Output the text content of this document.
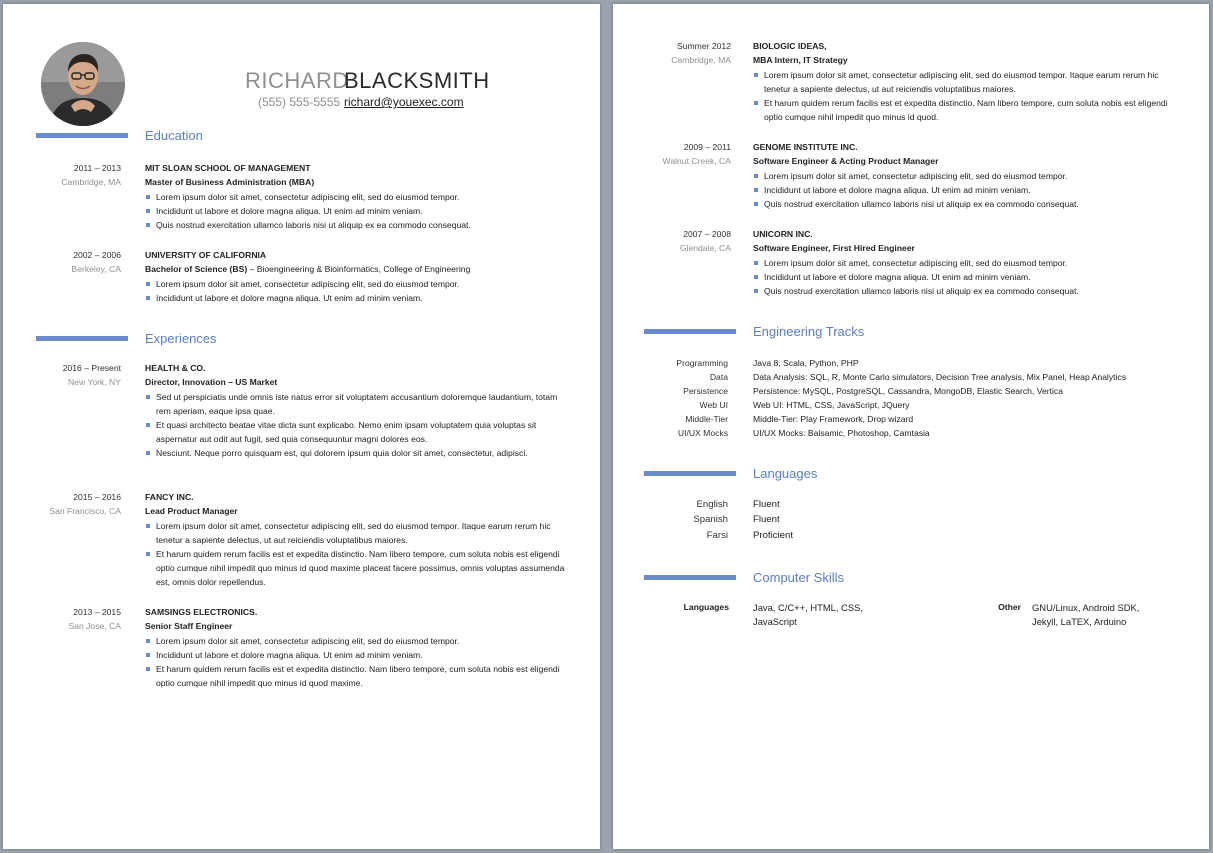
RICHARD
BLACKSMITH
(555) 555-5555 richard@youexec.com
Education
2011 – 2013
Cambridge, MA
MIT SLOAN SCHOOL OF MANAGEMENT
Master of Business Administration (MBA)
Lorem ipsum dolor sit amet, consectetur adipiscing elit, sed do eiusmod tempor.
Incididunt ut labore et dolore magna aliqua. Ut enim ad minim veniam.
Quis nostrud exercitation ullamco laboris nisi ut aliquip ex ea commodo consequat.
2002 – 2006
Berkeley, CA
UNIVERSITY OF CALIFORNIA
Bachelor of Science (BS) – Bioengineering & Bioinformatics, College of Engineering
Lorem ipsum dolor sit amet, consectetur adipiscing elit, sed do eiusmod tempor.
Incididunt ut labore et dolore magna aliqua. Ut enim ad minim veniam.
Experiences
2016 – Present
New York, NY
HEALTH & CO.
Director, Innovation – US Market
Sed ut perspiciatis unde omnis iste natus error sit voluptatem accusantium doloremque laudantium, totam rem aperiam, eaque ipsa quae.
Et quasi architecto beatae vitae dicta sunt explicabo. Nemo enim ipsam voluptatem quia voluptas sit aspernatur aut odit aut fugit, sed quia consequuntur magni dolores eos.
Nesciunt. Neque porro quisquam est, qui dolorem ipsum quia dolor sit amet, consectetur, adipisci.
2015 – 2016
San Francisco, CA
FANCY INC.
Lead Product Manager
Lorem ipsum dolor sit amet, consectetur adipiscing elit, sed do eiusmod tempor. Itaque earum rerum hic tenetur a sapiente delectus, ut aut reiciendis voluptatibus maiores.
Et harum quidem rerum facilis est et expedita distinctio. Nam libero tempore, cum soluta nobis est eligendi optio cumque nihil impedit quo minus id quod maxime placeat facere possimus, omnis voluptas assumenda est, omnis dolor repellendus.
2013 – 2015
San Jose, CA
SAMSINGS ELECTRONICS.
Senior Staff Engineer
Lorem ipsum dolor sit amet, consectetur adipiscing elit, sed do eiusmod tempor.
Incididunt ut labore et dolore magna aliqua. Ut enim ad minim veniam.
Et harum quidem rerum facilis est et expedita distinctio. Nam libero tempore, cum soluta nobis est eligendi optio cumque nihil impedit quo minus id quod maxime.
Summer 2012
Cambridge, MA
BIOLOGIC IDEAS,
MBA Intern, IT Strategy
Lorem ipsum dolor sit amet, consectetur adipiscing elit, sed do eiusmod tempor. Itaque earum rerum hic tenetur a sapiente delectus, ut aut reiciendis voluptatibus maiores.
Et harum quidem rerum facilis est et expedita distinctio. Nam libero tempore, cum soluta nobis est eligendi optio cumque nihil impedit quo minus id quod.
2009 – 2011
Walnut Creek, CA
GENOME INSTITUTE INC.
Software Engineer & Acting Product Manager
Lorem ipsum dolor sit amet, consectetur adipiscing elit, sed do eiusmod tempor.
Incididunt ut labore et dolore magna aliqua. Ut enim ad minim veniam.
Quis nostrud exercitation ullamco laboris nisi ut aliquip ex ea commodo consequat.
2007 – 2008
Glendale, CA
UNICORN INC.
Software Engineer, First Hired Engineer
Lorem ipsum dolor sit amet, consectetur adipiscing elit, sed do eiusmod tempor.
Incididunt ut labore et dolore magna aliqua. Ut enim ad minim veniam.
Quis nostrud exercitation ullamco laboris nisi ut aliquip ex ea commodo consequat.
Engineering Tracks
Programming	Java 8, Scala, Python, PHP
Data	Data Analysis: SQL, R, Monte Carlo simulators, Decision Tree analysis, Mix Panel, Heap Analytics
Persistence	Persistence: MySQL, PostgreSQL, Cassandra, MongoDB, Elastic Search, Vertica
Web UI	Web UI: HTML, CSS, JavaScript, JQuery
Middle-Tier	Middle-Tier: Play Framework, Drop wizard
UI/UX Mocks	UI/UX Mocks: Balsamic, Photoshop, Camtasia
Languages
English	Fluent
Spanish	Fluent
Farsi	Proficient
Computer Skills
Languages	Java, C/C++, HTML, CSS,
JavaScript
Other GNU/Linux, Android SDK,
Jekyll, LaTEX, Arduino
